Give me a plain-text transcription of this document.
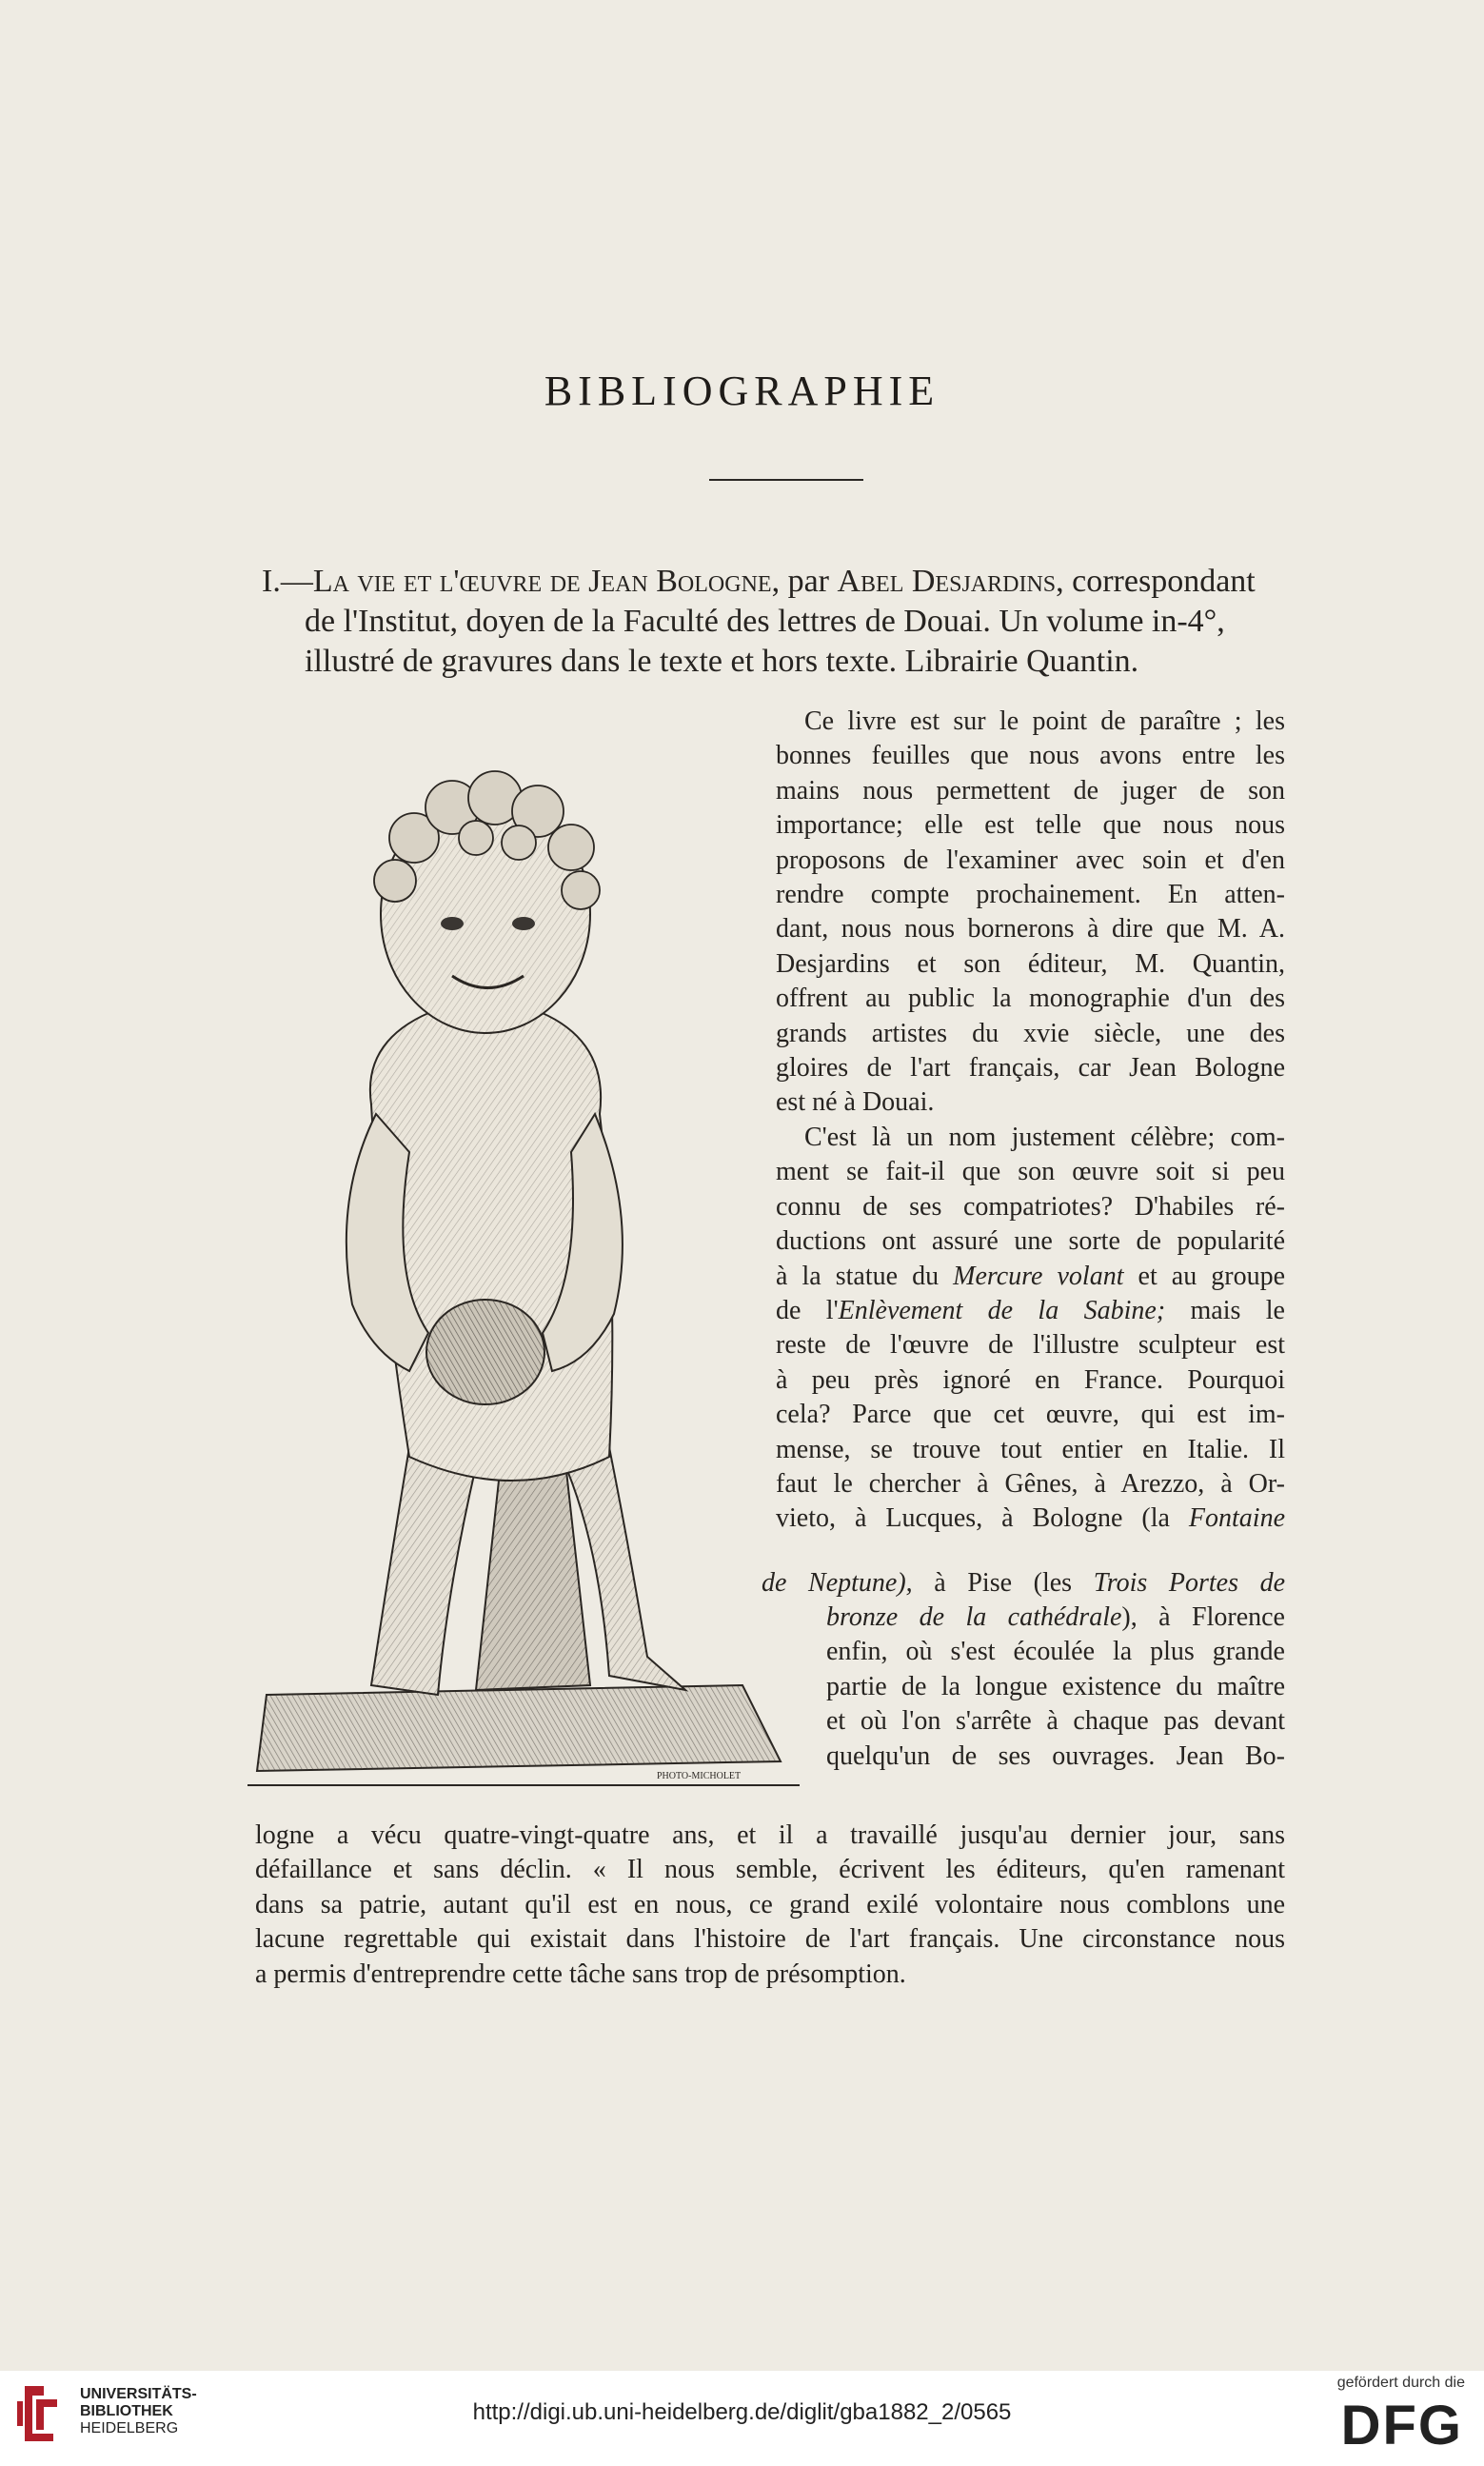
BIBLIOGRAPHIE
I.—La vie et l'œuvre de Jean Bologne, par Abel Desjardins, correspondant
de l'Institut, doyen de la Faculté des lettres de Douai. Un volume in-4°,
illustré de gravures dans le texte et hors texte. Librairie Quantin.
PHOTO-MICHOLET
Ce livre est sur le point de paraître ; les
bonnes feuilles que nous avons entre les
mains nous permettent de juger de son
importance; elle est telle que nous nous
proposons de l'examiner avec soin et d'en
rendre compte prochainement. En atten-
dant, nous nous bornerons à dire que M. A.
Desjardins et son éditeur, M. Quantin,
offrent au public la monographie d'un des
grands artistes du xvie siècle, une des
gloires de l'art français, car Jean Bologne
est né à Douai.
C'est là un nom justement célèbre; com-
ment se fait-il que son œuvre soit si peu
connu de ses compatriotes? D'habiles ré-
ductions ont assuré une sorte de popularité
à la statue du Mercure volant et au groupe
de l'Enlèvement de la Sabine; mais le
reste de l'œuvre de l'illustre sculpteur est
à peu près ignoré en France. Pourquoi
cela? Parce que cet œuvre, qui est im-
mense, se trouve tout entier en Italie. Il
faut le chercher à Gênes, à Arezzo, à Or-
vieto, à Lucques, à Bologne (la Fontaine
de Neptune), à Pise (les Trois Portes de
bronze de la cathédrale), à Florence
enfin, où s'est écoulée la plus grande
partie de la longue existence du maître
et où l'on s'arrête à chaque pas devant
quelqu'un de ses ouvrages. Jean Bo-
logne a vécu quatre-vingt-quatre ans, et il a travaillé jusqu'au dernier jour, sans
défaillance et sans déclin. « Il nous semble, écrivent les éditeurs, qu'en ramenant
dans sa patrie, autant qu'il est en nous, ce grand exilé volontaire nous comblons une
lacune regrettable qui existait dans l'histoire de l'art français. Une circonstance nous
a permis d'entreprendre cette tâche sans trop de présomption.
UNIVERSITÄTS-
BIBLIOTHEK
HEIDELBERG
http://digi.ub.uni-heidelberg.de/diglit/gba1882_2/0565
gefördert durch die
DFG
